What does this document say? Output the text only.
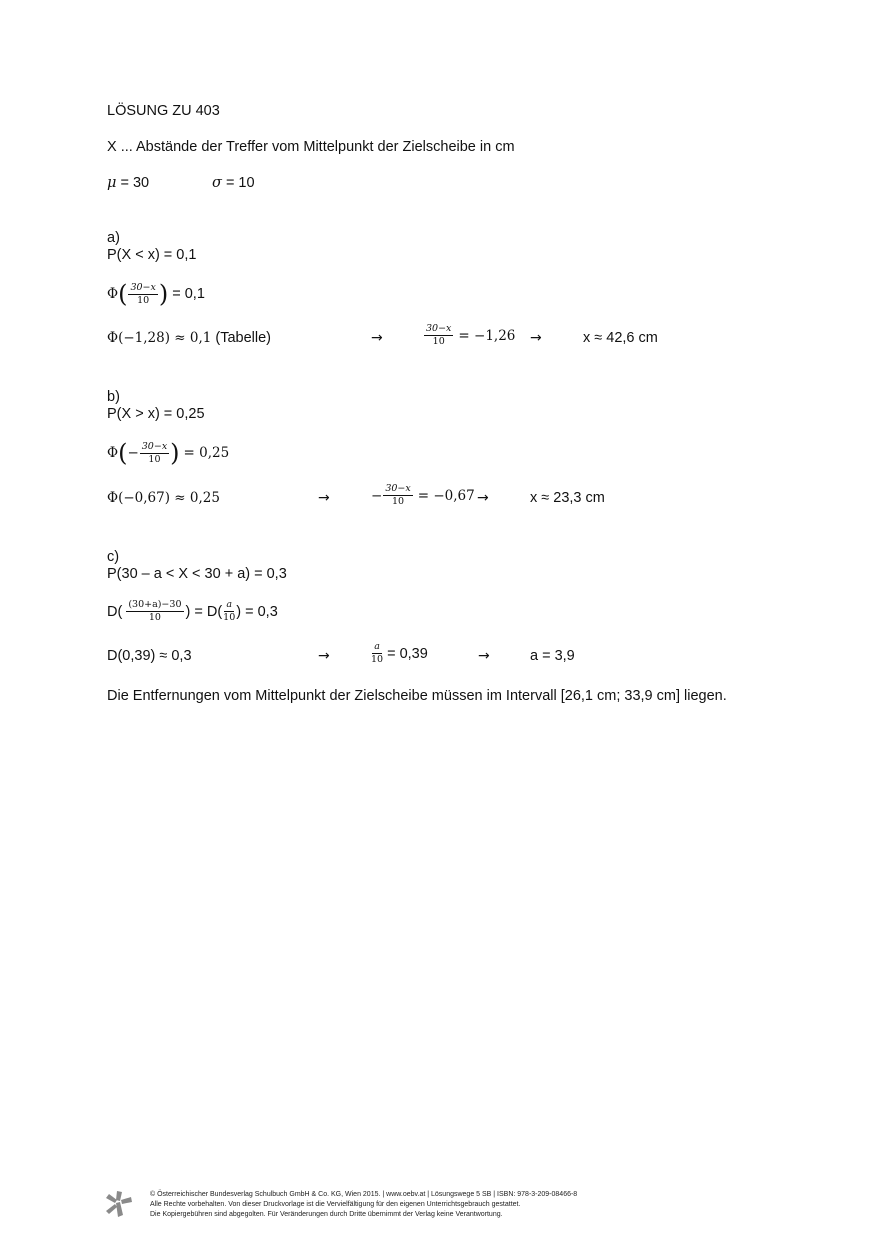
LÖSUNG ZU 403
X ... Abstände der Treffer vom Mittelpunkt der Zielscheibe in cm
μ = 30	σ = 10
a)
P(X < x) = 0,1
Φ ( $\frac{30-x}{10}$ ) = 0,1
Φ(−1,28) ≈ 0,1 (Tabelle)	→	$\frac{30-x}{10} = -1,26$ →	x ≈ 42,6 cm
b)
P(X > x) = 0,25
Φ ( − $\frac{30-x}{10}$ ) = 0,25
Φ(−0,67) ≈ 0,25	→	− $\frac{30-x}{10} = -0,67$ →	x ≈ 23,3 cm
c)
P(30 – a < X < 30 + a) = 0,3
$D( \frac{(30+a)-30}{10}$ ) = $D( \frac{a}{10}$ ) = 0,3
D(0,39) ≈ 0,3	→	$\frac{a}{10} = 0,39$	→	a = 3,9
Die Entfernungen vom Mittelpunkt der Zielscheibe müssen im Intervall [26,1 cm; 33,9 cm] liegen.
© Österreichischer Bundesverlag Schulbuch GmbH & Co. KG, Wien 2015. | www.oebv.at | Lösungswege 5 SB | ISBN: 978-3-209-08466-8
Alle Rechte vorbehalten. Von dieser Druckvorlage ist die Vervielfältigung für den eigenen Unterrichtsgebrauch gestattet.
Die Kopiergebühren sind abgegolten. Für Veränderungen durch Dritte übernimmt der Verlag keine Verantwortung.
